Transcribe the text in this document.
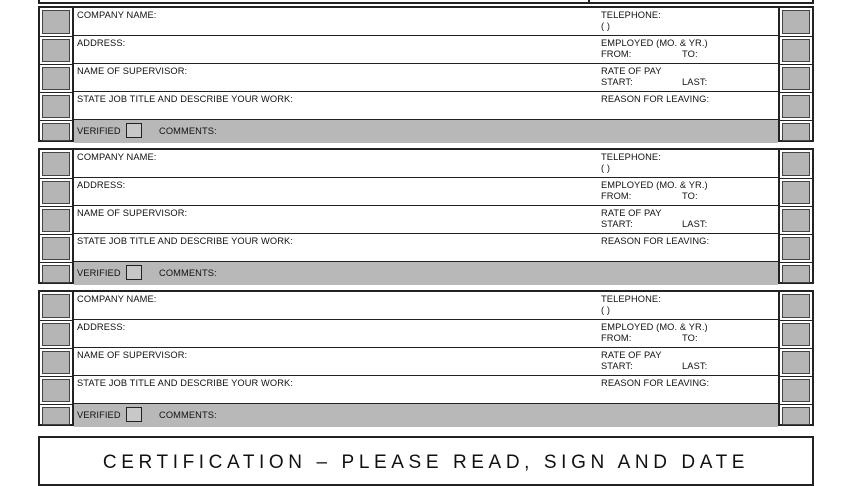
COMPANY NAME:	TELEPHONE:
( )
ADDRESS:	EMPLOYED (MO. & YR.)
FROM:	TO:
NAME OF SUPERVISOR:	RATE OF PAY
START:	LAST:
STATE JOB TITLE AND DESCRIBE YOUR WORK:	REASON FOR LEAVING:
VERIFIED	COMMENTS:
COMPANY NAME:	TELEPHONE:
( )
ADDRESS:	EMPLOYED (MO. & YR.)
FROM:	TO:
NAME OF SUPERVISOR:	RATE OF PAY
START:	LAST:
STATE JOB TITLE AND DESCRIBE YOUR WORK:	REASON FOR LEAVING:
VERIFIED	COMMENTS:
COMPANY NAME:	TELEPHONE:
( )
ADDRESS:	EMPLOYED (MO. & YR.)
FROM:	TO:
NAME OF SUPERVISOR:	RATE OF PAY
START:	LAST:
STATE JOB TITLE AND DESCRIBE YOUR WORK:	REASON FOR LEAVING:
VERIFIED	COMMENTS:
CERTIFICATION – PLEASE READ, SIGN AND DATE
